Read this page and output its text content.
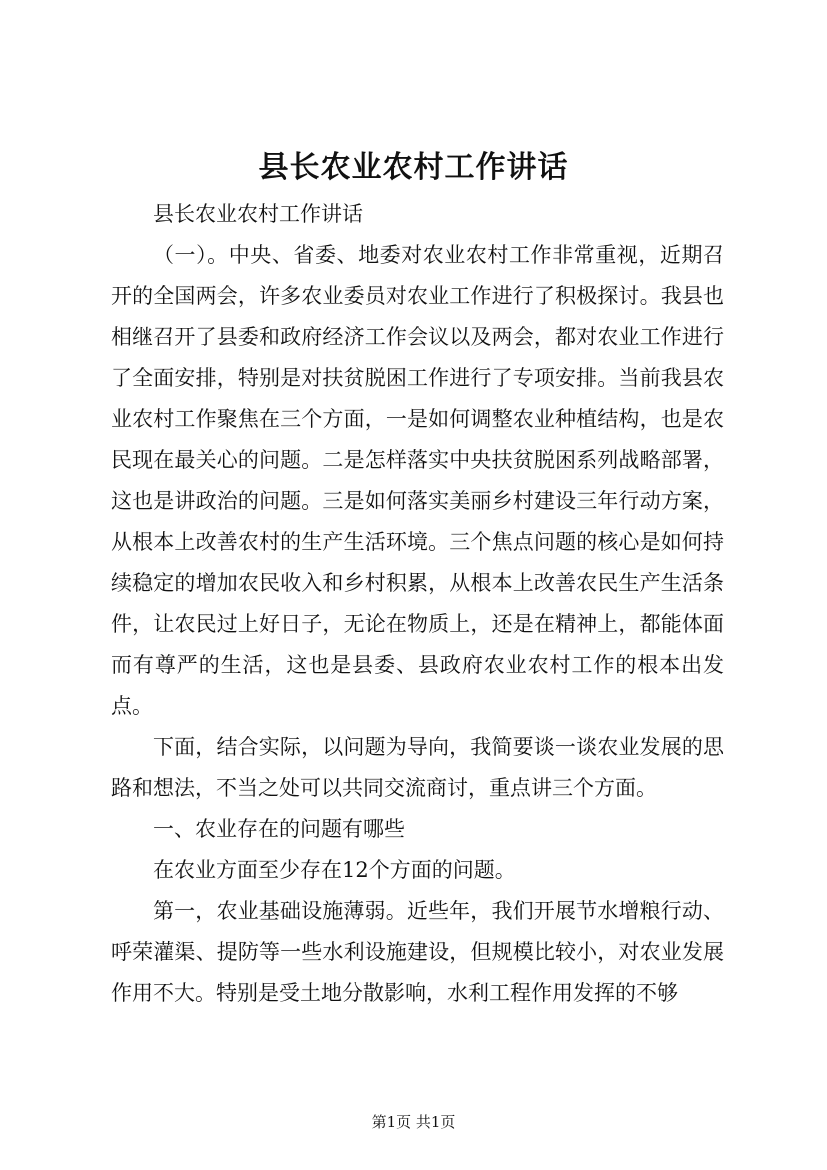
县长农业农村工作讲话

县长农业农村工作讲话

（一）。中央、省委、地委对农业农村工作非常重视，近期召开的全国两会，许多农业委员对农业工作进行了积极探讨。我县也相继召开了县委和政府经济工作会议以及两会，都对农业工作进行了全面安排，特别是对扶贫脱困工作进行了专项安排。当前我县农业农村工作聚焦在三个方面，一是如何调整农业种植结构，也是农民现在最关心的问题。二是怎样落实中央扶贫脱困系列战略部署，这也是讲政治的问题。三是如何落实美丽乡村建设三年行动方案，从根本上改善农村的生产生活环境。三个焦点问题的核心是如何持续稳定的增加农民收入和乡村积累，从根本上改善农民生产生活条件，让农民过上好日子，无论在物质上，还是在精神上，都能体面而有尊严的生活，这也是县委、县政府农业农村工作的根本出发点。

下面，结合实际，以问题为导向，我简要谈一谈农业发展的思路和想法，不当之处可以共同交流商讨，重点讲三个方面。

一、农业存在的问题有哪些

在农业方面至少存在12个方面的问题。

第一，农业基础设施薄弱。近些年，我们开展节水增粮行动、呼荣灌渠、提防等一些水利设施建设，但规模比较小，对农业发展作用不大。特别是受土地分散影响，水利工程作用发挥的不够

第1页 共1页
